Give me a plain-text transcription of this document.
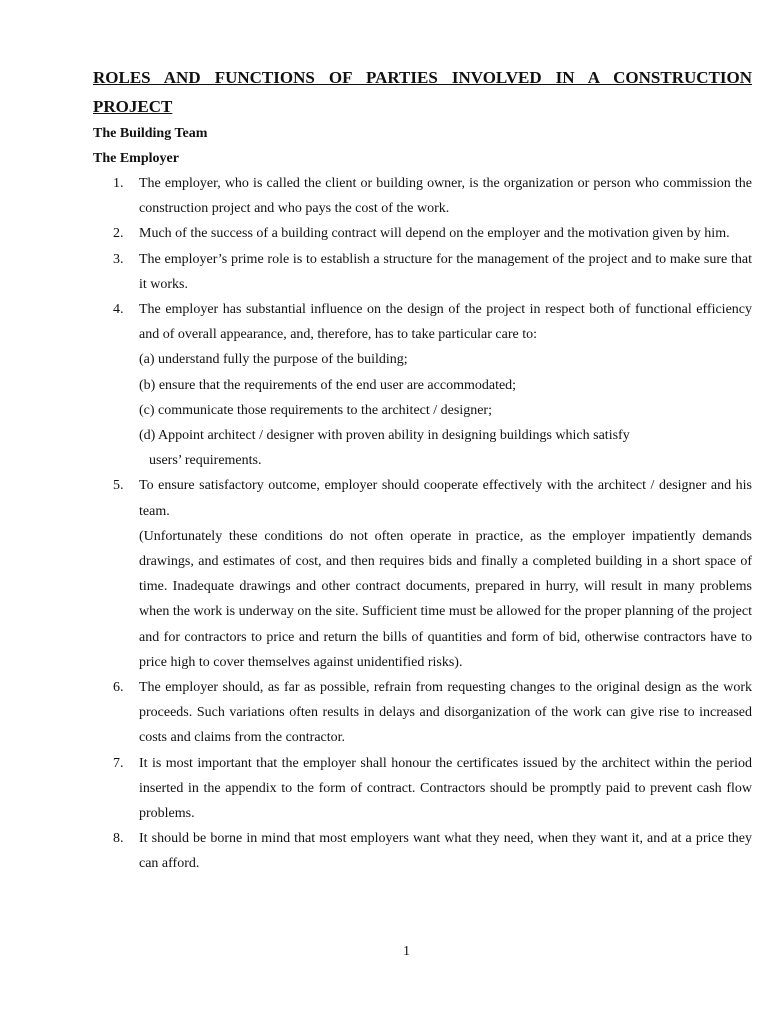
ROLES AND FUNCTIONS OF PARTIES INVOLVED IN A CONSTRUCTION PROJECT

The Building Team

The Employer

1. The employer, who is called the client or building owner, is the organization or person who commission the construction project and who pays the cost of the work.
2. Much of the success of a building contract will depend on the employer and the motivation given by him.
3. The employer’s prime role is to establish a structure for the management of the project and to make sure that it works.
4. The employer has substantial influence on the design of the project in respect both of functional efficiency and of overall appearance, and, therefore, has to take particular care to:
(a) understand fully the purpose of the building;
(b) ensure that the requirements of the end user are accommodated;
(c) communicate those requirements to the architect / designer;
(d) Appoint architect / designer with proven ability in designing buildings which satisfy
users’ requirements.
5. To ensure satisfactory outcome, employer should cooperate effectively with the architect / designer and his team.
(Unfortunately these conditions do not often operate in practice, as the employer impatiently demands drawings, and estimates of cost, and then requires bids and finally a completed building in a short space of time. Inadequate drawings and other contract documents, prepared in hurry, will result in many problems when the work is underway on the site. Sufficient time must be allowed for the proper planning of the project and for contractors to price and return the bills of quantities and form of bid, otherwise contractors have to price high to cover themselves against unidentified risks).
6. The employer should, as far as possible, refrain from requesting changes to the original design as the work proceeds. Such variations often results in delays and disorganization of the work can give rise to increased costs and claims from the contractor.
7. It is most important that the employer shall honour the certificates issued by the architect within the period inserted in the appendix to the form of contract. Contractors should be promptly paid to prevent cash flow problems.
8. It should be borne in mind that most employers want what they need, when they want it, and at a price they can afford.
1
